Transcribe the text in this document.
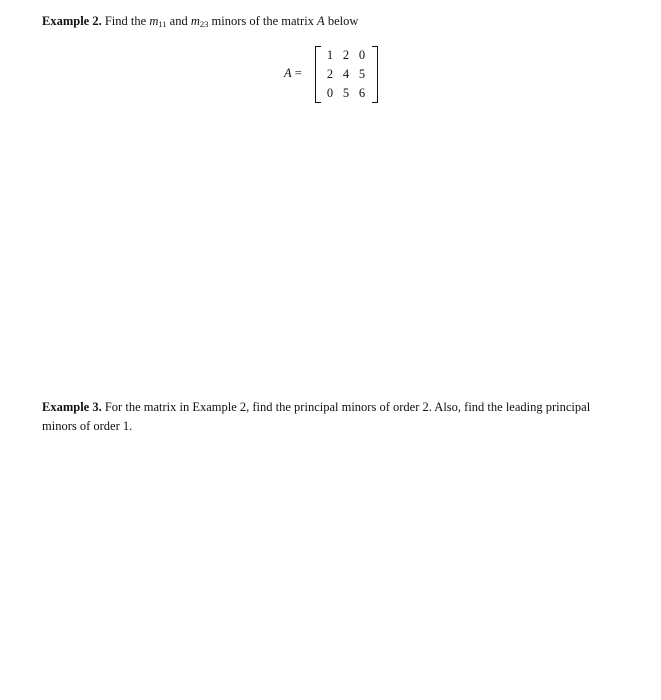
Example 2. Find the $m_{11}$ and $m_{23}$ minors of the matrix A below
A =
1 2 0
2 4 5
0 5 6
Example 3. For the matrix in Example 2, find the principal minors of order 2. Also, find the leading principal minors of order 1.
